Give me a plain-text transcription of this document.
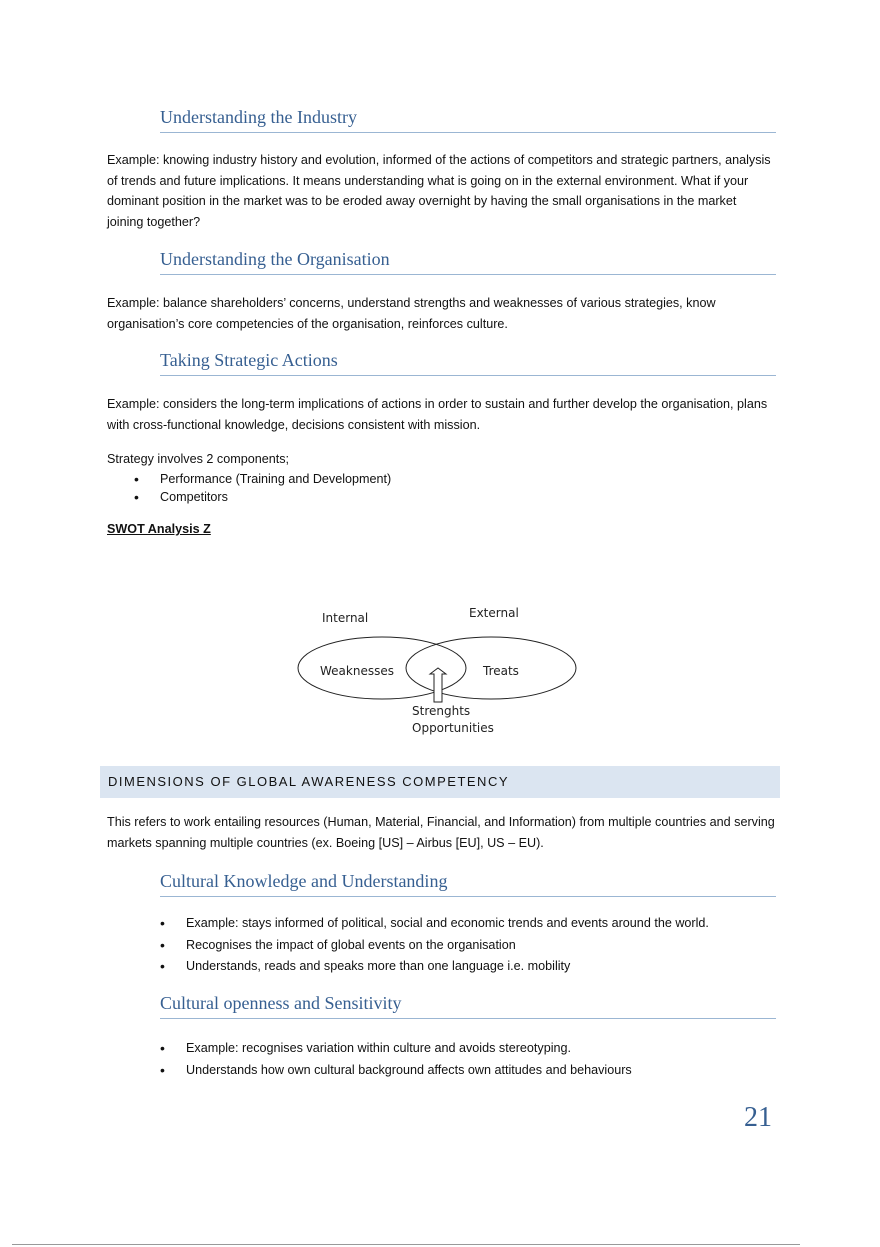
Understanding the Industry
Example: knowing industry history and evolution, informed of the actions of competitors and strategic partners, analysis of trends and future implications. It means understanding what is going on in the external environment. What if your dominant position in the market was to be eroded away overnight by having the small organisations in the market joining together?
Understanding the Organisation
Example: balance shareholders’ concerns, understand strengths and weaknesses of various strategies, know organisation’s core competencies of the organisation, reinforces culture.
Taking Strategic Actions
Example: considers the long-term implications of actions in order to sustain and further develop the organisation, plans with cross-functional knowledge, decisions consistent with mission.
Strategy involves 2 components;
• Performance (Training and Development)
• Competitors
SWOT Analysis Z
Internal	External
Weaknesses	Treats
Strenghts
Opportunities
DIMENSIONS OF GLOBAL AWARENESS COMPETENCY
This refers to work entailing resources (Human, Material, Financial, and Information) from multiple countries and serving markets spanning multiple countries (ex. Boeing [US] – Airbus [EU], US – EU).
Cultural Knowledge and Understanding
• Example: stays informed of political, social and economic trends and events around the world.
• Recognises the impact of global events on the organisation
• Understands, reads and speaks more than one language i.e. mobility
Cultural openness and Sensitivity
• Example: recognises variation within culture and avoids stereotyping.
• Understands how own cultural background affects own attitudes and behaviours
21
